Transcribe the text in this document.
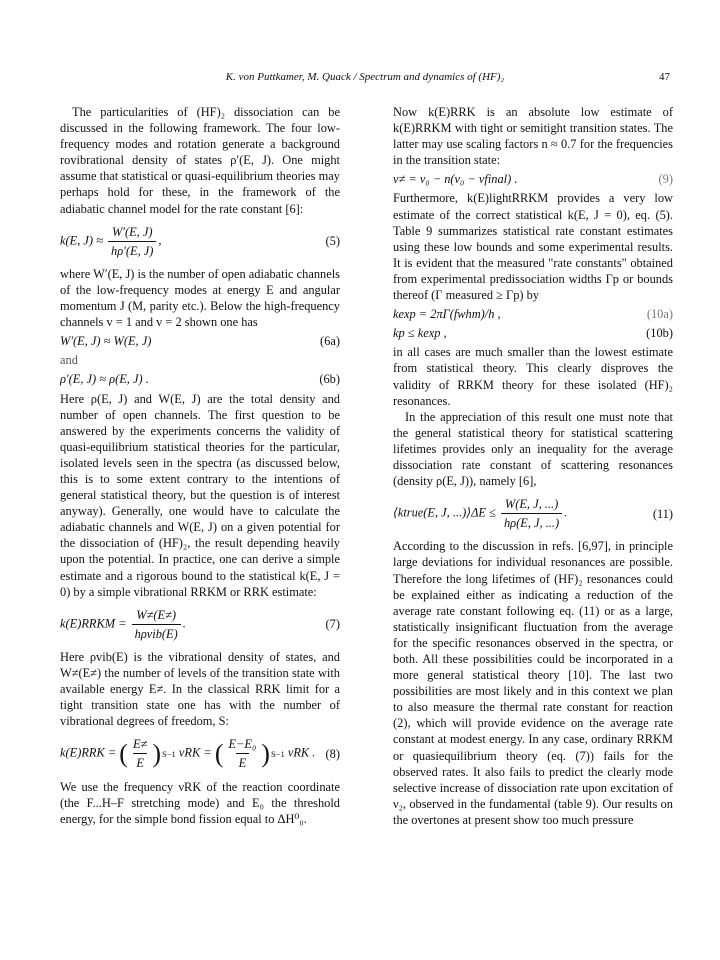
K. von Puttkamer, M. Quack / Spectrum and dynamics of (HF)₂	47

The particularities of (HF)₂ dissociation can be discussed in the following framework. The four low-frequency modes and rotation generate a background rovibrational density of states ρ′(E, J). One might assume that statistical or quasi-equilibrium theories may perhaps hold for these, in the framework of the adiabatic channel model for the rate constant [6]:

k(E, $J) \approx \frac{W'(E, J)}{h\rho'(E, J)}$ ,	(5)

where W′(E, J) is the number of open adiabatic channels of the low-frequency modes at energy E and angular momentum J (M, parity etc.). Below the high-frequency channels v = 1 and v = 2 shown one has

W′(E, J) ≈ W(E, J)	(6a)

and

ρ′(E, J) ≈ ρ(E, J) .	(6b)

Here ρ(E, J) and W(E, J) are the total density and number of open channels. The first question to be answered by the experiments concerns the validity of quasi-equilibrium statistical theories for the particular, isolated levels seen in the spectra (as discussed below, this is to some extent contrary to the intentions of general statistical theory, but the question is of interest anyway). Generally, one would have to calculate the adiabatic channels and W(E, J) on a given potential for the dissociation of (HF)₂, the result depending heavily upon the potential. In practice, one can derive a simple estimate and a rigorous bound to the statistical k(E, J = 0) by a simple vibrational RRKM or RRK estimate:

k(E)RRKM = $\frac{W\ne(E\ne)}{\text{hρvib(E)}}$ .	(7)

Here ρvib(E) is the vibrational density of states, and W≠(E≠) the number of levels of the transition state with available energy E≠. In the classical RRK limit for a tight transition state one has with the number of vibrational degrees of freedom, S:

k(E)RRK = ( $\frac{E\ne}{E}$ ) S−1 νRK = ( $\frac{\text{E−E₀}}{E}$ ) S−1 νRK . (8)

We use the frequency νRK of the reaction coordinate (the F...H–F stretching mode) and E₀ the threshold energy, for the simple bond fission equal to ΔH⁰₀.

Now k(E)RRK is an absolute low estimate of k(E)RRKM with tight or semitight transition states. The latter may use scaling factors n ≈ 0.7 for the frequencies in the transition state:

ν≠ = ν₀ − n(ν₀ − νfinal) .	(9)

Furthermore, k(E)lightRRKM provides a very low estimate of the correct statistical k(E, J = 0), eq. (5). Table 9 summarizes statistical rate constant estimates using these low bounds and some experimental results. It is evident that the measured "rate constants" obtained from experimental predissociation widths Γp or bounds thereof (Γ measured ≥ Γp) by

kexp = 2πΓ(fwhm)/h ,	(10a)
kp ≤ kexp ,	(10b)

in all cases are much smaller than the lowest estimate from statistical theory. This clearly disproves the validity of RRKM theory for these isolated (HF)₂ resonances.

In the appreciation of this result one must note that the general statistical theory for statistical scattering lifetimes provides only an inequality for the average dissociation rate constant of scattering resonances (density ρ(E, J)), namely [6],

⟨ktrue(E, J, ...)⟩ΔE ≤ $\frac{W(E, J, ...)}{h\rho(E, J, ...)}$ .	(11)

According to the discussion in refs. [6,97], in principle large deviations for individual resonances are possible. Therefore the long lifetimes of (HF)₂ resonances could be explained either as indicating a reduction of the average rate constant following eq. (11) or as a large, statistically insignificant fluctuation from the average for the specific resonances observed in the spectra, or both. All these possibilities could be incorporated in a more general statistical theory [10]. The last two possibilities are most likely and in this context we plan to also measure the thermal rate constant for reaction (2), which will provide evidence on the average rate constant at modest energy. In any case, ordinary RRKM or quasiequilibrium theory (eq. (7)) fails for the observed rates. It also fails to predict the clearly mode selective increase of dissociation rate upon excitation of ν₂, observed in the fundamental (table 9). Our results on the overtones at present show too much pressure
